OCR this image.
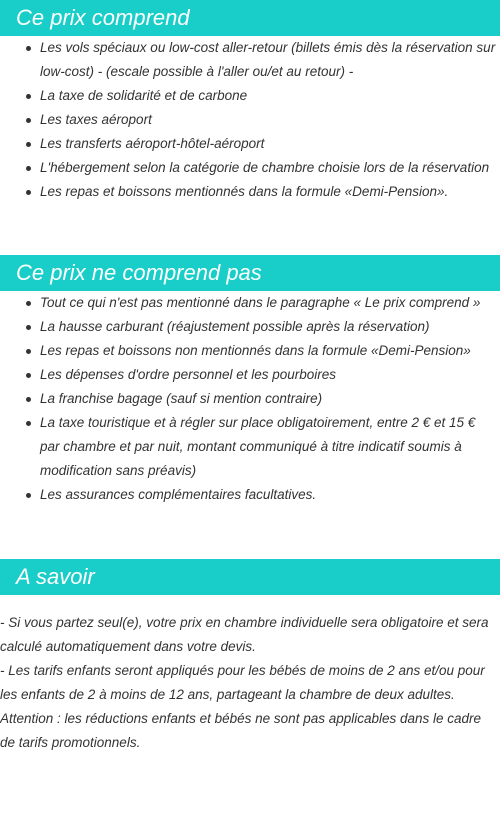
Ce prix comprend
Les vols spéciaux ou low-cost aller-retour (billets émis dès la réservation sur low-cost) - (escale possible à l'aller ou/et au retour) -
La taxe de solidarité et de carbone
Les taxes aéroport
Les transferts aéroport-hôtel-aéroport
L'hébergement selon la catégorie de chambre choisie lors de la réservation
Les repas et boissons mentionnés dans la formule «Demi-Pension».
Ce prix ne comprend pas
Tout ce qui n'est pas mentionné dans le paragraphe « Le prix comprend »
La hausse carburant (réajustement possible après la réservation)
Les repas et boissons non mentionnés dans la formule «Demi-Pension»
Les dépenses d'ordre personnel et les pourboires
La franchise bagage (sauf si mention contraire)
La taxe touristique et à régler sur place obligatoirement, entre 2 € et 15 € par chambre et par nuit, montant communiqué à titre indicatif soumis à modification sans préavis)
Les assurances complémentaires facultatives.
A savoir

- Si vous partez seul(e), votre prix en chambre individuelle sera obligatoire et sera calculé automatiquement dans votre devis.

- Les tarifs enfants seront appliqués pour les bébés de moins de 2 ans et/ou pour les enfants de 2 à moins de 12 ans, partageant la chambre de deux adultes.

Attention : les réductions enfants et bébés ne sont pas applicables dans le cadre de tarifs promotionnels.
